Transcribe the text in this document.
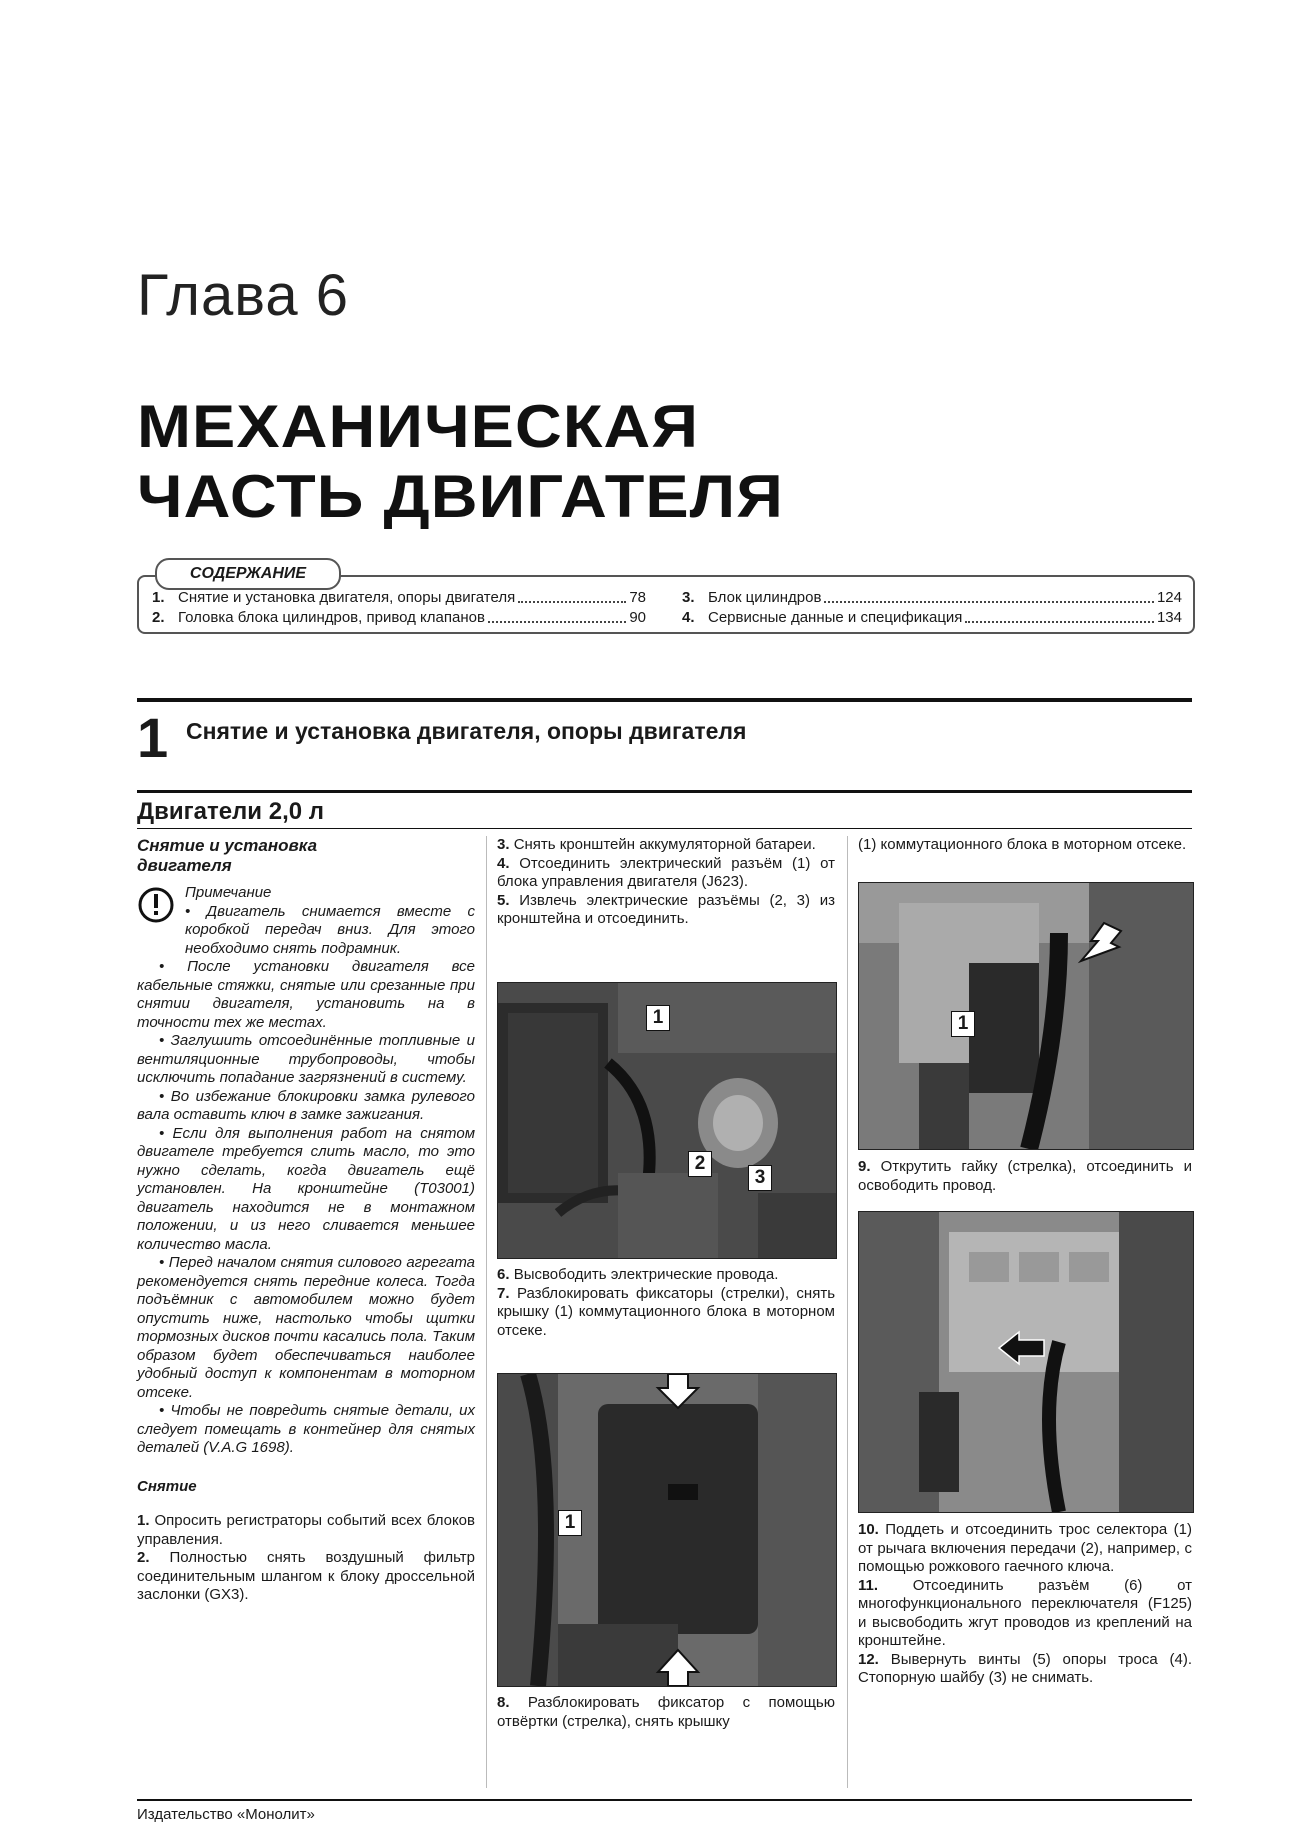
Глава 6
МЕХАНИЧЕСКАЯ
ЧАСТЬ ДВИГАТЕЛЯ
СОДЕРЖАНИЕ
1. Снятие и установка двигателя, опоры двигателя	78
2. Головка блока цилиндров, привод клапанов	90
3. Блок цилиндров	124
4. Сервисные данные и спецификация	134
1 Снятие и установка двигателя, опоры двигателя
Двигатели 2,0 л
Снятие и установка
двигателя
Примечание

• Двигатель снимается вместе с коробкой передач вниз. Для этого необходимо снять подрамник.

• После установки двигателя все кабельные стяжки, снятые или срезанные при снятии двигателя, установить на в точности тех же местах.

• Заглушить отсоединённые топливные и вентиляционные трубопроводы, чтобы исключить попадание загрязнений в систему.

• Во избежание блокировки замка рулевого вала оставить ключ в замке зажигания.

• Если для выполнения работ на снятом двигателе требуется слить масло, то это нужно сделать, когда двигатель ещё установлен. На кронштейне (T03001) двигатель находится не в монтажном положении, и из него сливается меньшее количество масла.

• Перед началом снятия силового агрегата рекомендуется снять передние колеса. Тогда подъёмник с автомобилем можно будет опустить ниже, настолько чтобы щитки тормозных дисков почти касались пола. Таким образом будет обеспечиваться наиболее удобный доступ к компонентам в моторном отсеке.

• Чтобы не повредить снятые детали, их следует помещать в контейнер для снятых деталей (V.A.G 1698).

Снятие

1. Опросить регистраторы событий всех блоков управления.

2. Полностью снять воздушный фильтр соединительным шлангом к блоку дроссельной заслонки (GX3).

3. Снять кронштейн аккумуляторной батареи.

4. Отсоединить электрический разъём (1) от блока управления двигателя (J623).

5. Извлечь электрические разъёмы (2, 3) из кронштейна и отсоединить.

1
2
3

6. Высвободить электрические провода.

7. Разблокировать фиксаторы (стрелки), снять крышку (1) коммутационного блока в моторном отсеке.

1

8. Разблокировать фиксатор с помощью отвёртки (стрелка), снять крышку

(1) коммутационного блока в моторном отсеке.

1

9. Открутить гайку (стрелка), отсоединить и освободить провод.

10. Поддеть и отсоединить трос селектора (1) от рычага включения передачи (2), например, с помощью рожкового гаечного ключа.

11. Отсоединить разъём (6) от многофункционального переключателя (F125) и высвободить жгут проводов из креплений на кронштейне.

12. Вывернуть винты (5) опоры троса (4). Стопорную шайбу (3) не снимать.

Издательство «Монолит»
